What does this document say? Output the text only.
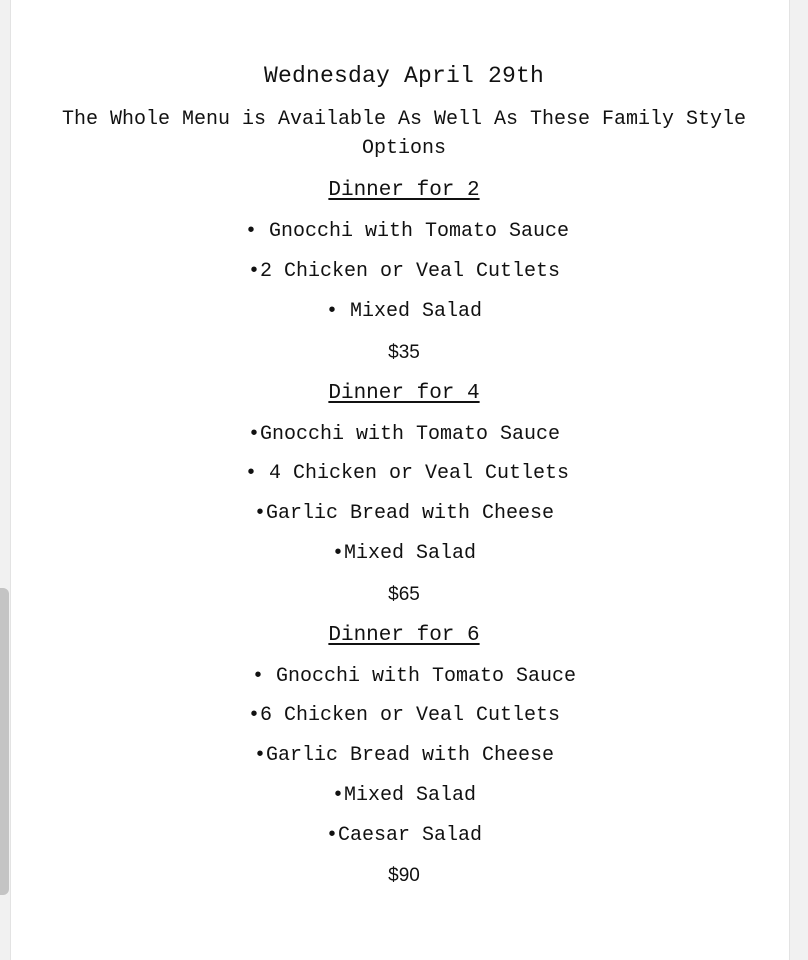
Wednesday April 29th
The Whole Menu is Available As Well As These Family Style
Options
Dinner for 2
• Gnocchi with Tomato Sauce
•2 Chicken or Veal Cutlets
• Mixed Salad
$35
Dinner for 4
•Gnocchi with Tomato Sauce
• 4 Chicken or Veal Cutlets
•Garlic Bread with Cheese
•Mixed Salad
$65
Dinner for 6
• Gnocchi with Tomato Sauce
•6 Chicken or Veal Cutlets
•Garlic Bread with Cheese
•Mixed Salad
•Caesar Salad
$90
